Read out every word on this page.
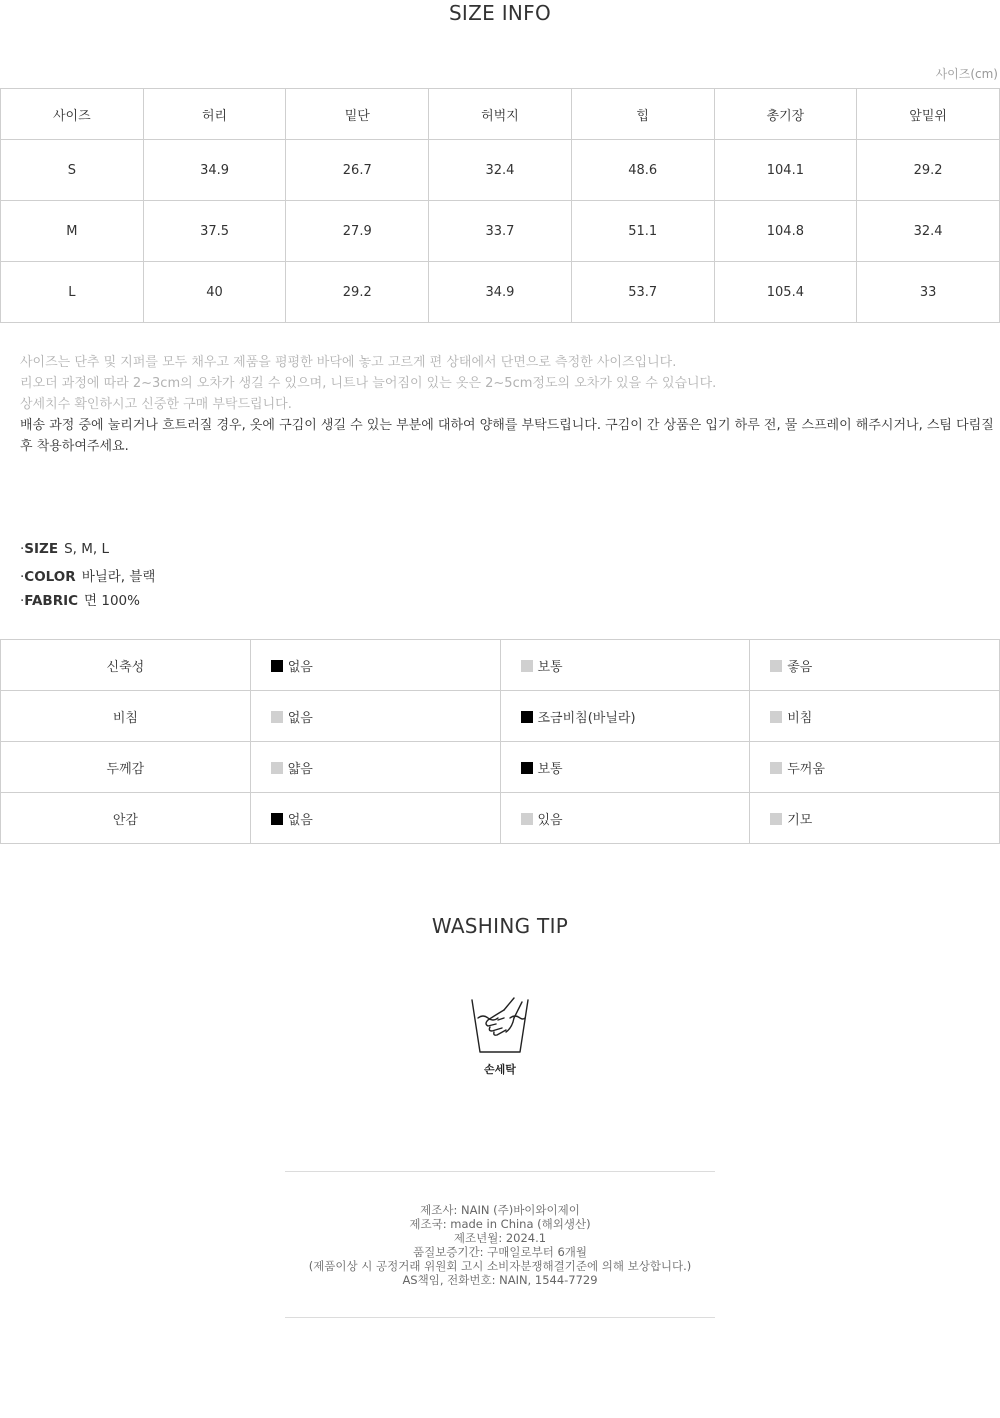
SIZE INFO
사이즈(cm)
사이즈	허리	밑단	허벅지	힙	총기장	앞밑위
S	34.9	26.7	32.4	48.6	104.1	29.2
M	37.5	27.9	33.7	51.1	104.8	32.4
L	40	29.2	34.9	53.7	105.4	33
사이즈는 단추 및 지퍼를 모두 채우고 제품을 평평한 바닥에 놓고 고르게 편 상태에서 단면으로 측정한 사이즈입니다.
리오더 과정에 따라 2~3cm의 오차가 생길 수 있으며, 니트나 늘어짐이 있는 옷은 2~5cm정도의 오차가 있을 수 있습니다.
상세치수 확인하시고 신중한 구매 부탁드립니다.
배송 과정 중에 눌리거나 흐트러질 경우, 옷에 구김이 생길 수 있는 부분에 대하여 양해를 부탁드립니다. 구김이 간 상품은 입기 하루 전, 물 스프레이 해주시거나, 스팀 다림질 후 착용하여주세요.
·SIZE S, M, L
·COLOR 바닐라, 블랙
·FABRIC 면 100%
신축성	없음	보통	좋음
비침	없음	조금비침(바닐라)	비침
두께감	얇음	보통	두꺼움
안감	없음	있음	기모
WASHING TIP
손세탁
제조사: NAIN (주)바이와이제이
제조국: made in China (해외생산)
제조년월: 2024.1
품질보증기간: 구매일로부터 6개월
(제품이상 시 공정거래 위원회 고시 소비자분쟁해결기준에 의해 보상합니다.)
AS책임, 전화번호: NAIN, 1544-7729
